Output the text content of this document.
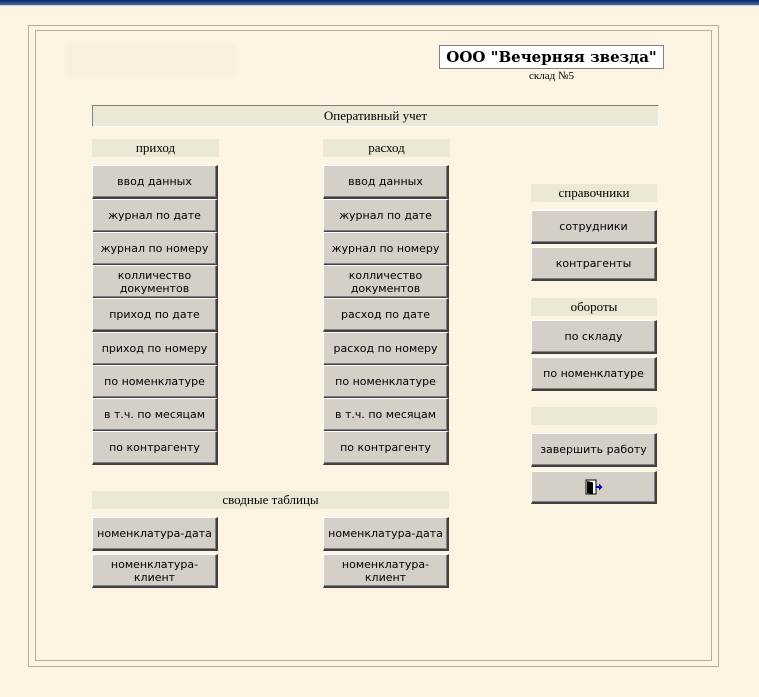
ООО "Вечерняя звезда"
склад №5
Оперативный учет
приход
ввод данных
журнал по дате
журнал по номеру
колличество документов
приход по дате
приход по номеру
по номенклатуре
в т.ч. по месяцам
по контрагенту
расход
ввод данных
журнал по дате
журнал по номеру
колличество документов
расход по дате
расход по номеру
по номенклатуре
в т.ч. по месяцам
по контрагенту
сводные таблицы
номенклатура-дата
номенклатура-клиент
номенклатура-дата
номенклатура-клиент
справочники
сотрудники
контрагенты
обороты
по складу
по номенклатуре
завершить работу
